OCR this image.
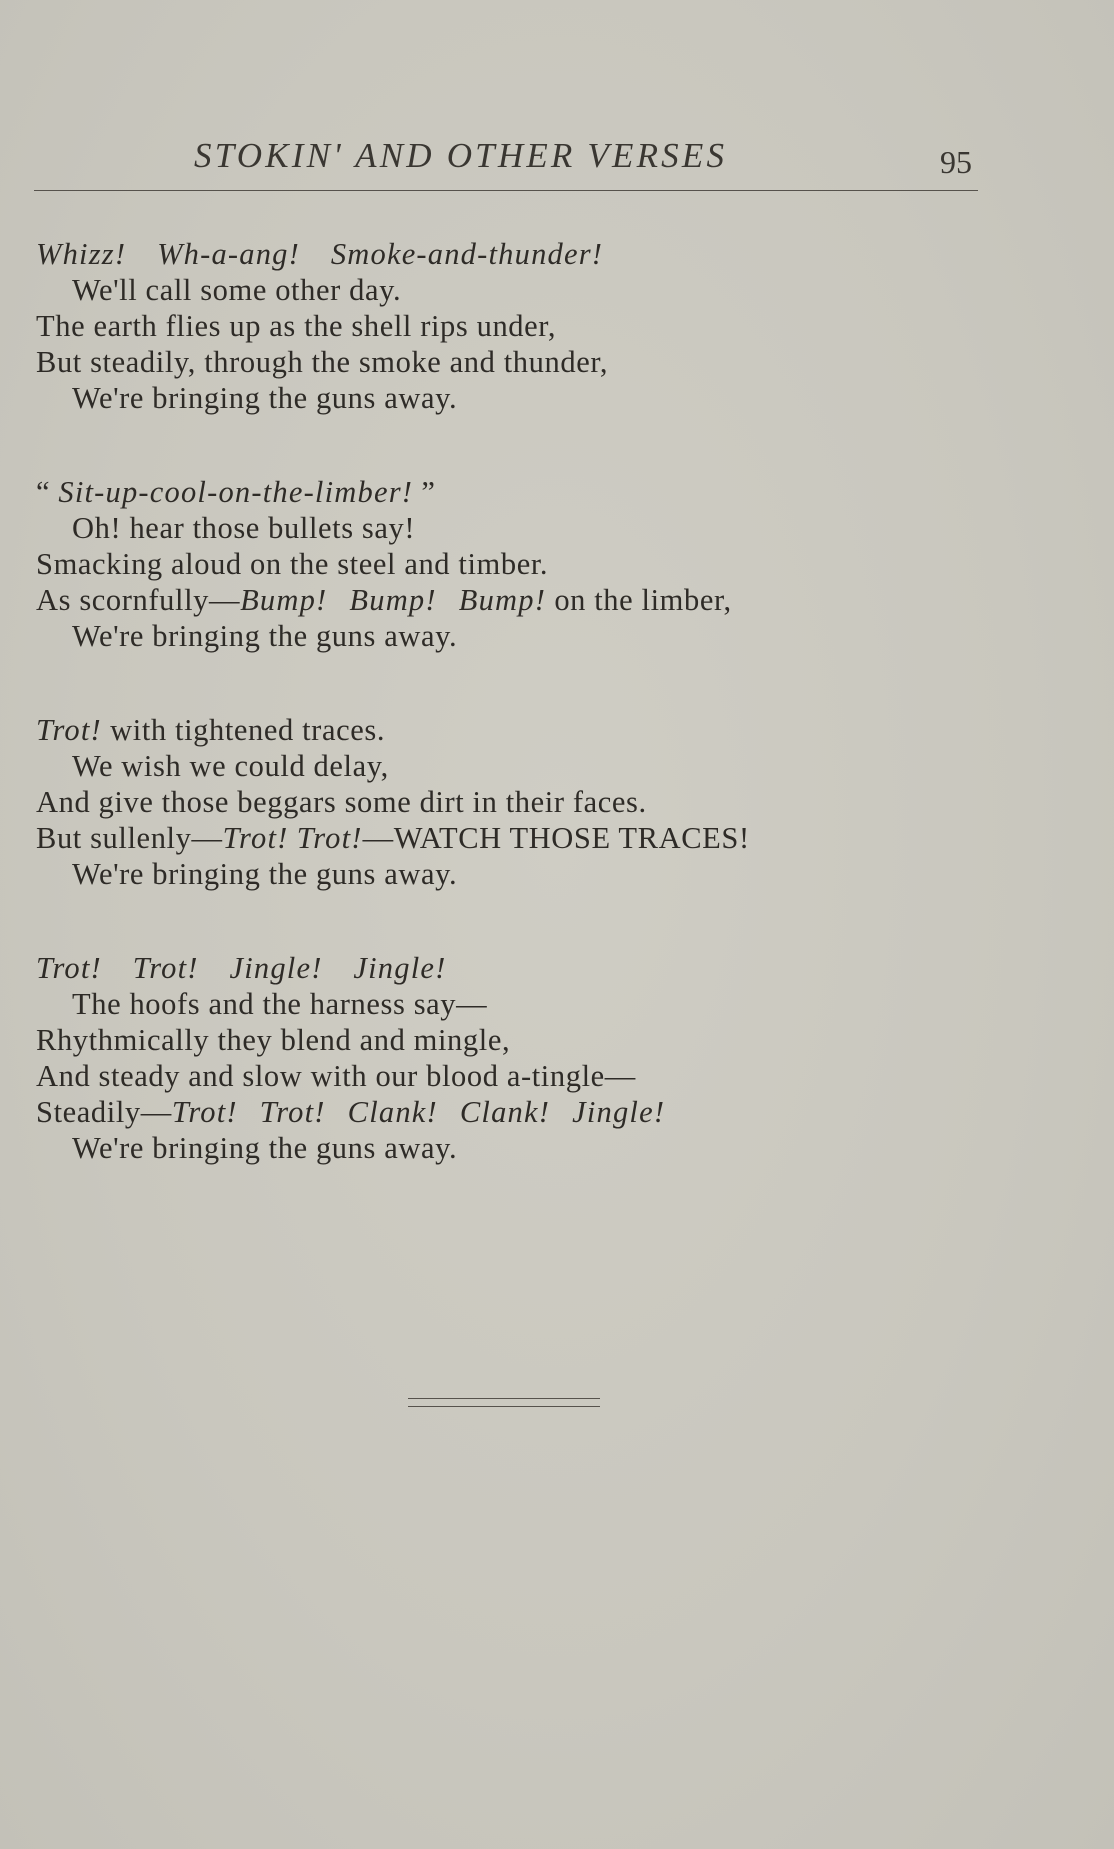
STOKIN' AND OTHER VERSES	95
Whizz! Wh-a-ang! Smoke-and-thunder!
We'll call some other day.
The earth flies up as the shell rips under,
But steadily, through the smoke and thunder,
We're bringing the guns away.
“ Sit-up-cool-on-the-limber! ”
Oh! hear those bullets say!
Smacking aloud on the steel and timber.
As scornfully—Bump! Bump! Bump! on the limber,
We're bringing the guns away.
Trot! with tightened traces.
We wish we could delay,
And give those beggars some dirt in their faces.
But sullenly—Trot! Trot!—WATCH THOSE TRACES!
We're bringing the guns away.
Trot! Trot! Jingle! Jingle!
The hoofs and the harness say—
Rhythmically they blend and mingle,
And steady and slow with our blood a-tingle—
Steadily—Trot! Trot! Clank! Clank! Jingle!
We're bringing the guns away.
